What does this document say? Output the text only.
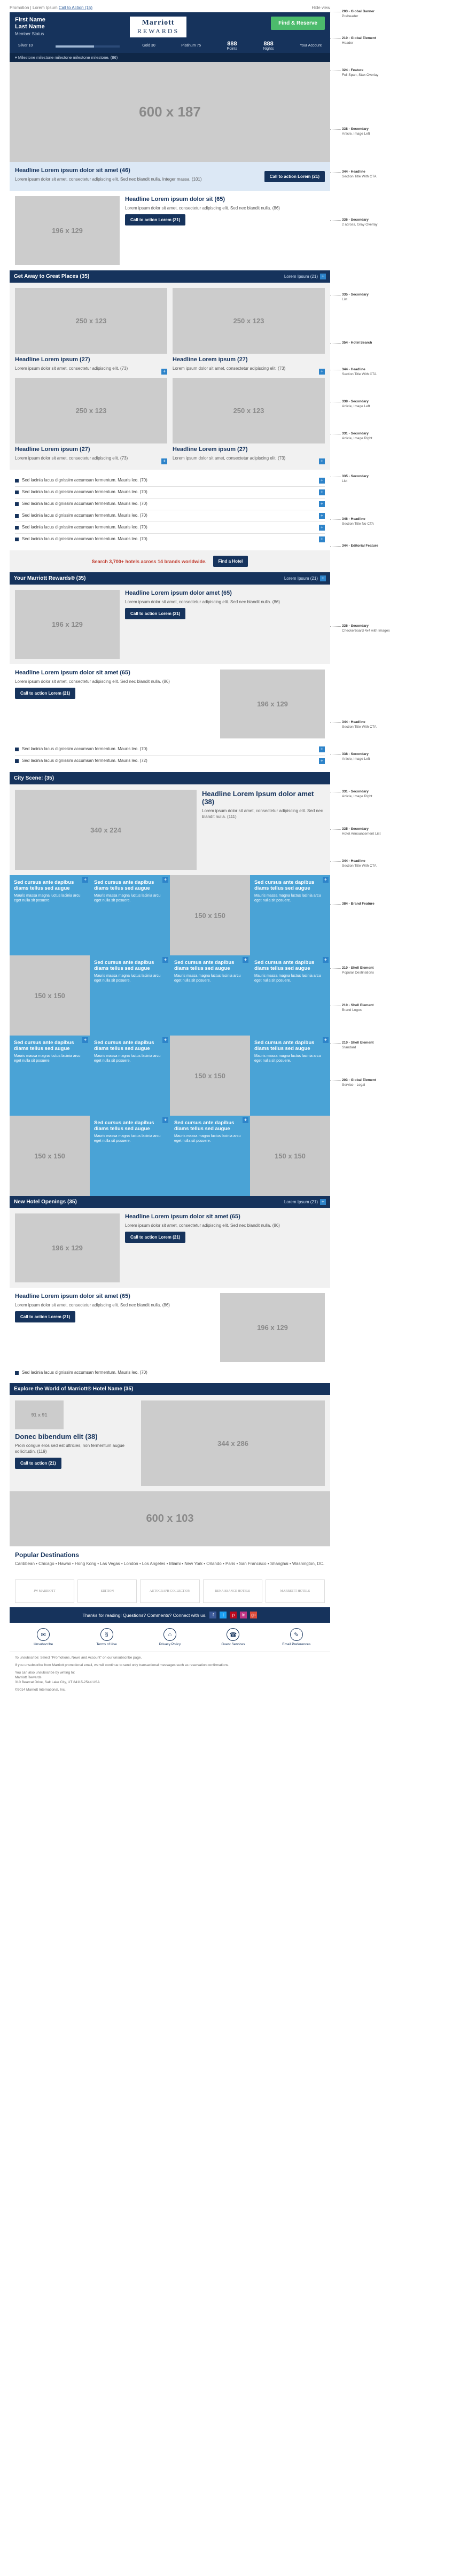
Promotion | Lorem Ipsum Call to Action (15)	Hide view
First Name
Last Name
Member Status
Marriott
REWARDS
Find & Reserve
Silver 10	Gold 30	Platinum 75	888
Points
888
Nights
Your Account
▾ Milestone milestone milestone milestone milestone. (86)
600 x 187
Headline Lorem ipsum dolor sit amet (46)

Lorem ipsum dolor sit amet, consectetur adipiscing elit. Sed nec blandit nulla. Integer massa. (101)

Call to action Lorem (21)
196 x 129
Headline Lorem ipsum dolor sit (65)

Lorem ipsum dolor sit amet, consectetur adipiscing elit. Sed nec blandit nulla. (86)

Call to action Lorem (21)
Get Away to Great Places (35)	Lorem Ipsum (21) +
250 x 123
Headline Lorem ipsum (27)

Lorem ipsum dolor sit amet, consectetur adipiscing elit. (73)

+
250 x 123
Headline Lorem ipsum (27)

Lorem ipsum dolor sit amet, consectetur adipiscing elit. (73)

+
250 x 123
Headline Lorem ipsum (27)

Lorem ipsum dolor sit amet, consectetur adipiscing elit. (73)

+
250 x 123
Headline Lorem ipsum (27)

Lorem ipsum dolor sit amet, consectetur adipiscing elit. (73)

+
Sed lacinia lacus dignissim accumsan fermentum. Mauris leo. (70)	+
Sed lacinia lacus dignissim accumsan fermentum. Mauris leo. (70)	+
Sed lacinia lacus dignissim accumsan fermentum. Mauris leo. (70)	+
Sed lacinia lacus dignissim accumsan fermentum. Mauris leo. (70)	+
Sed lacinia lacus dignissim accumsan fermentum. Mauris leo. (70)	+
Sed lacinia lacus dignissim accumsan fermentum. Mauris leo. (70)	+
Search 3,700+ hotels across 14 brands worldwide.	Find a Hotel
Your Marriott Rewards® (35)	Lorem Ipsum (21) +
196 x 129
Headline Lorem ipsum dolor amet (65)

Lorem ipsum dolor sit amet, consectetur adipiscing elit. Sed nec blandit nulla. (86)

Call to action Lorem (21)
Headline Lorem ipsum dolor sit amet (65)

Lorem ipsum dolor sit amet, consectetur adipiscing elit. Sed nec blandit nulla. (86)

Call to action Lorem (21)
196 x 129
Sed lacinia lacus dignissim accumsan fermentum. Mauris leo. (70)	+
Sed lacinia lacus dignissim accumsan fermentum. Mauris leo. (72)	+
City Scene: (35)
340 x 224
Headline Lorem Ipsum dolor amet (38)

Lorem ipsum dolor sit amet, consectetur adipiscing elit. Sed nec blandit nulla. (111)

+
Sed cursus ante dapibus diams tellus sed augue

Mauris massa magna luctus lacinia arcu eget nulla sit posuere.

+
Sed cursus ante dapibus diams tellus sed augue

Mauris massa magna luctus lacinia arcu eget nulla sit posuere.

150 x 150
+
Sed cursus ante dapibus diams tellus sed augue

Mauris massa magna luctus lacinia arcu eget nulla sit posuere.

150 x 150
+
Sed cursus ante dapibus diams tellus sed augue

Mauris massa magna luctus lacinia arcu eget nulla sit posuere.

+
Sed cursus ante dapibus diams tellus sed augue

Mauris massa magna luctus lacinia arcu eget nulla sit posuere.

+
Sed cursus ante dapibus diams tellus sed augue

Mauris massa magna luctus lacinia arcu eget nulla sit posuere.

+
Sed cursus ante dapibus diams tellus sed augue

Mauris massa magna luctus lacinia arcu eget nulla sit posuere.

+
Sed cursus ante dapibus diams tellus sed augue

Mauris massa magna luctus lacinia arcu eget nulla sit posuere.

150 x 150
+
Sed cursus ante dapibus diams tellus sed augue

Mauris massa magna luctus lacinia arcu eget nulla sit posuere.

150 x 150
+
Sed cursus ante dapibus diams tellus sed augue

Mauris massa magna luctus lacinia arcu eget nulla sit posuere.

+
Sed cursus ante dapibus diams tellus sed augue

Mauris massa magna luctus lacinia arcu eget nulla sit posuere.

150 x 150
New Hotel Openings (35)	Lorem Ipsum (21) +
196 x 129
Headline Lorem ipsum dolor sit amet (65)

Lorem ipsum dolor sit amet, consectetur adipiscing elit. Sed nec blandit nulla. (86)

Call to action Lorem (21)
Headline Lorem ipsum dolor sit amet (65)

Lorem ipsum dolor sit amet, consectetur adipiscing elit. Sed nec blandit nulla. (86)

Call to action Lorem (21)
196 x 129
Sed lacinia lacus dignissim accumsan fermentum. Mauris leo. (70)
Explore the World of Marriott® Hotel Name (35)
91 x 91
Donec bibendum elit (38)

Proin congue eros sed est ultricies, non fermentum augue sollicitudin. (119)

Call to action (21)
344 x 286
600 x 103
Popular Destinations

Caribbean • Chicago • Hawaii • Hong Kong • Las Vegas • London • Los Angeles • Miami • New York • Orlando • Paris • San Francisco • Shanghai • Washington, DC.

JW MARRIOTT	EDITION	AUTOGRAPH COLLECTION	RENAISSANCE HOTELS	MARRIOTT HOTELS
Thanks for reading! Questions? Comments? Connect with us.	f	t	p	in	g+
✉
Unsubscribe
§
Terms of Use
⌂
Privacy Policy
☎
Guest Services
✎
Email Preferences

To unsubscribe: Select "Promotions, News and Account" on our unsubscribe page.

If you unsubscribe from Marriott promotional email, we will continue to send only transactional messages such as reservation confirmations.

You can also unsubscribe by writing to:

Marriott Rewards

310 Bearcat Drive, Salt Lake City, UT 84115-2544 USA

©2014 Marriott International, Inc.

203 - Global Banner
Preheader
210 - Global Element
Header
324 - Feature
Full Span, Stax Overlay
338 - Secondary
Article, Image Left
344 - Headline
Section Title With CTA
336 - Secondary
2 across, Gray Overlay
335 - Secondary
List
354 - Hotel Search
344 - Headline
Section Title With CTA
338 - Secondary
Article, Image Left
331 - Secondary
Article, Image Right
335 - Secondary
List
346 - Headline
Section Title No CTA
344 - Editorial Feature
336 - Secondary
Checkerboard 4x4 with Images
344 - Headline
Section Title With CTA
338 - Secondary
Article, Image Left
331 - Secondary
Article, Image Right
335 - Secondary
Hotel Announcement List
344 - Headline
Section Title With CTA
384 - Brand Feature
210 - Shell Element
Popular Destinations
210 - Shell Element
Brand Logos
210 - Shell Element
Standard
203 - Global Element
Service - Legal
